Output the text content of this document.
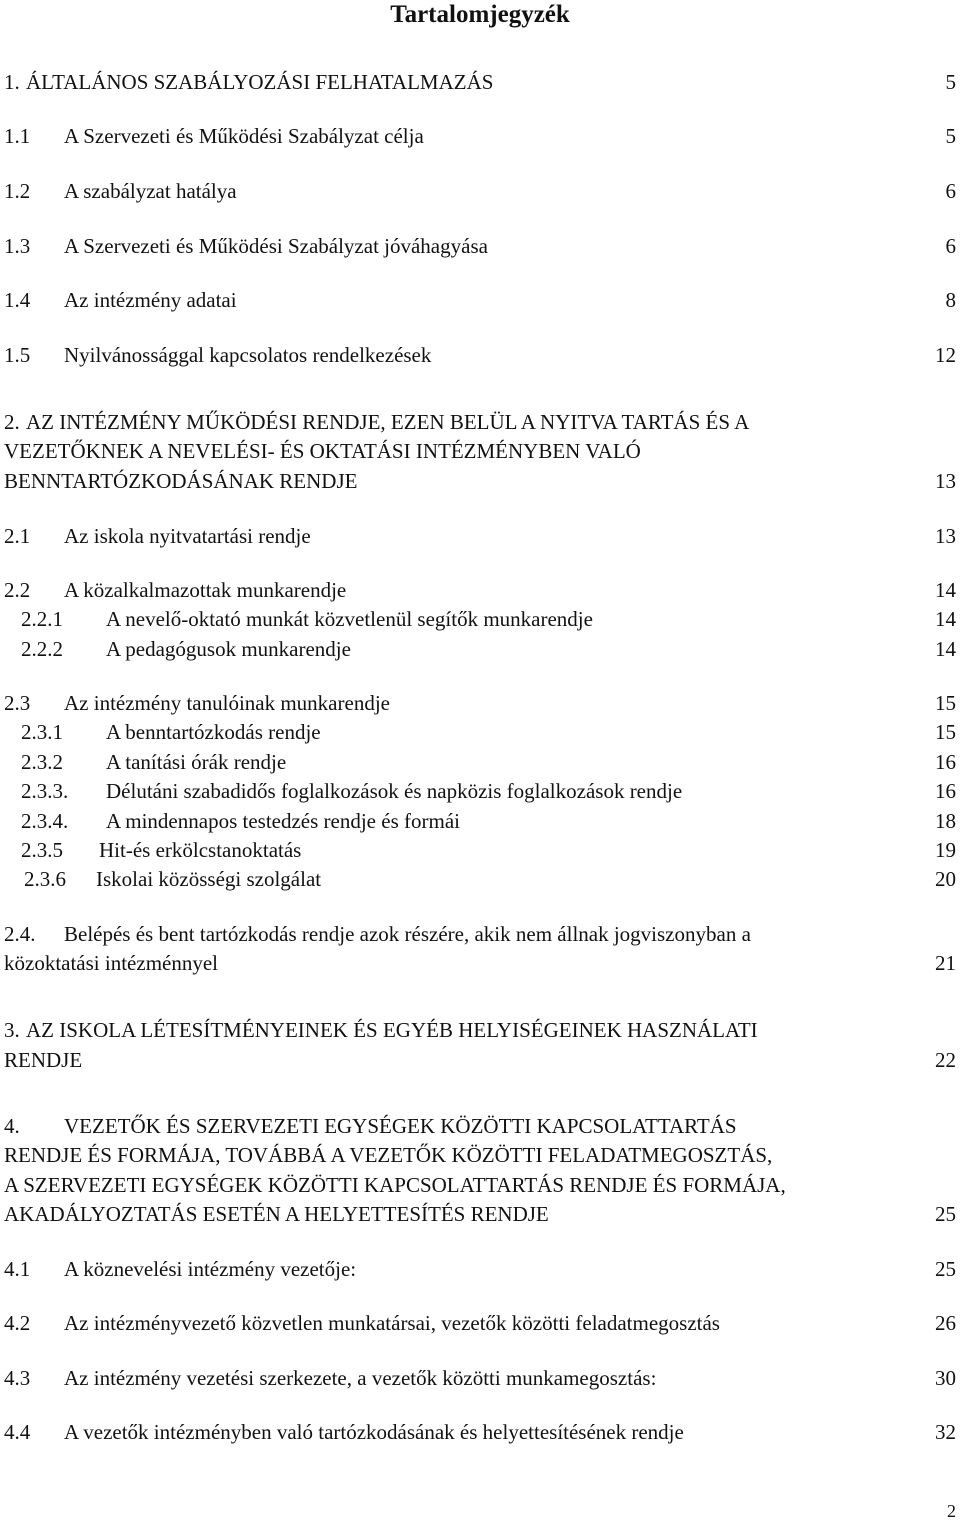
Tartalomjegyzék
1. ÁLTALÁNOS SZABÁLYOZÁSI FELHATALMAZÁS	5
1.1 A Szervezeti és Működési Szabályzat célja	5
1.2 A szabályzat hatálya	6
1.3 A Szervezeti és Működési Szabályzat jóváhagyása	6
1.4 Az intézmény adatai	8
1.5 Nyilvánossággal kapcsolatos rendelkezések	12
2. AZ INTÉZMÉNY MŰKÖDÉSI RENDJE, EZEN BELÜL A NYITVA TARTÁS ÉS A
VEZETŐKNEK A NEVELÉSI- ÉS OKTATÁSI INTÉZMÉNYBEN VALÓ
BENNTARTÓZKODÁSÁNAK RENDJE	13
2.1 Az iskola nyitvatartási rendje	13
2.2 A közalkalmazottak munkarendje	14
2.2.1 A nevelő-oktató munkát közvetlenül segítők munkarendje	14
2.2.2 A pedagógusok munkarendje	14
2.3 Az intézmény tanulóinak munkarendje	15
2.3.1 A benntartózkodás rendje	15
2.3.2 A tanítási órák rendje	16
2.3.3. Délutáni szabadidős foglalkozások és napközis foglalkozások rendje	16
2.3.4. A mindennapos testedzés rendje és formái	18
2.3.5 Hit-és erkölcstanoktatás	19
2.3.6 Iskolai közösségi szolgálat	20
2.4. Belépés és bent tartózkodás rendje azok részére, akik nem állnak jogviszonyban a
közoktatási intézménnyel	21
3. AZ ISKOLA LÉTESÍTMÉNYEINEK ÉS EGYÉB HELYISÉGEINEK HASZNÁLATI
RENDJE	22
4. VEZETŐK ÉS SZERVEZETI EGYSÉGEK KÖZÖTTI KAPCSOLATTARTÁS
RENDJE ÉS FORMÁJA, TOVÁBBÁ A VEZETŐK KÖZÖTTI FELADATMEGOSZTÁS,
A SZERVEZETI EGYSÉGEK KÖZÖTTI KAPCSOLATTARTÁS RENDJE ÉS FORMÁJA,
AKADÁLYOZTATÁS ESETÉN A HELYETTESÍTÉS RENDJE	25
4.1 A köznevelési intézmény vezetője:	25
4.2 Az intézményvezető közvetlen munkatársai, vezetők közötti feladatmegosztás	26
4.3 Az intézmény vezetési szerkezete, a vezetők közötti munkamegosztás:	30
4.4 A vezetők intézményben való tartózkodásának és helyettesítésének rendje	32
2
